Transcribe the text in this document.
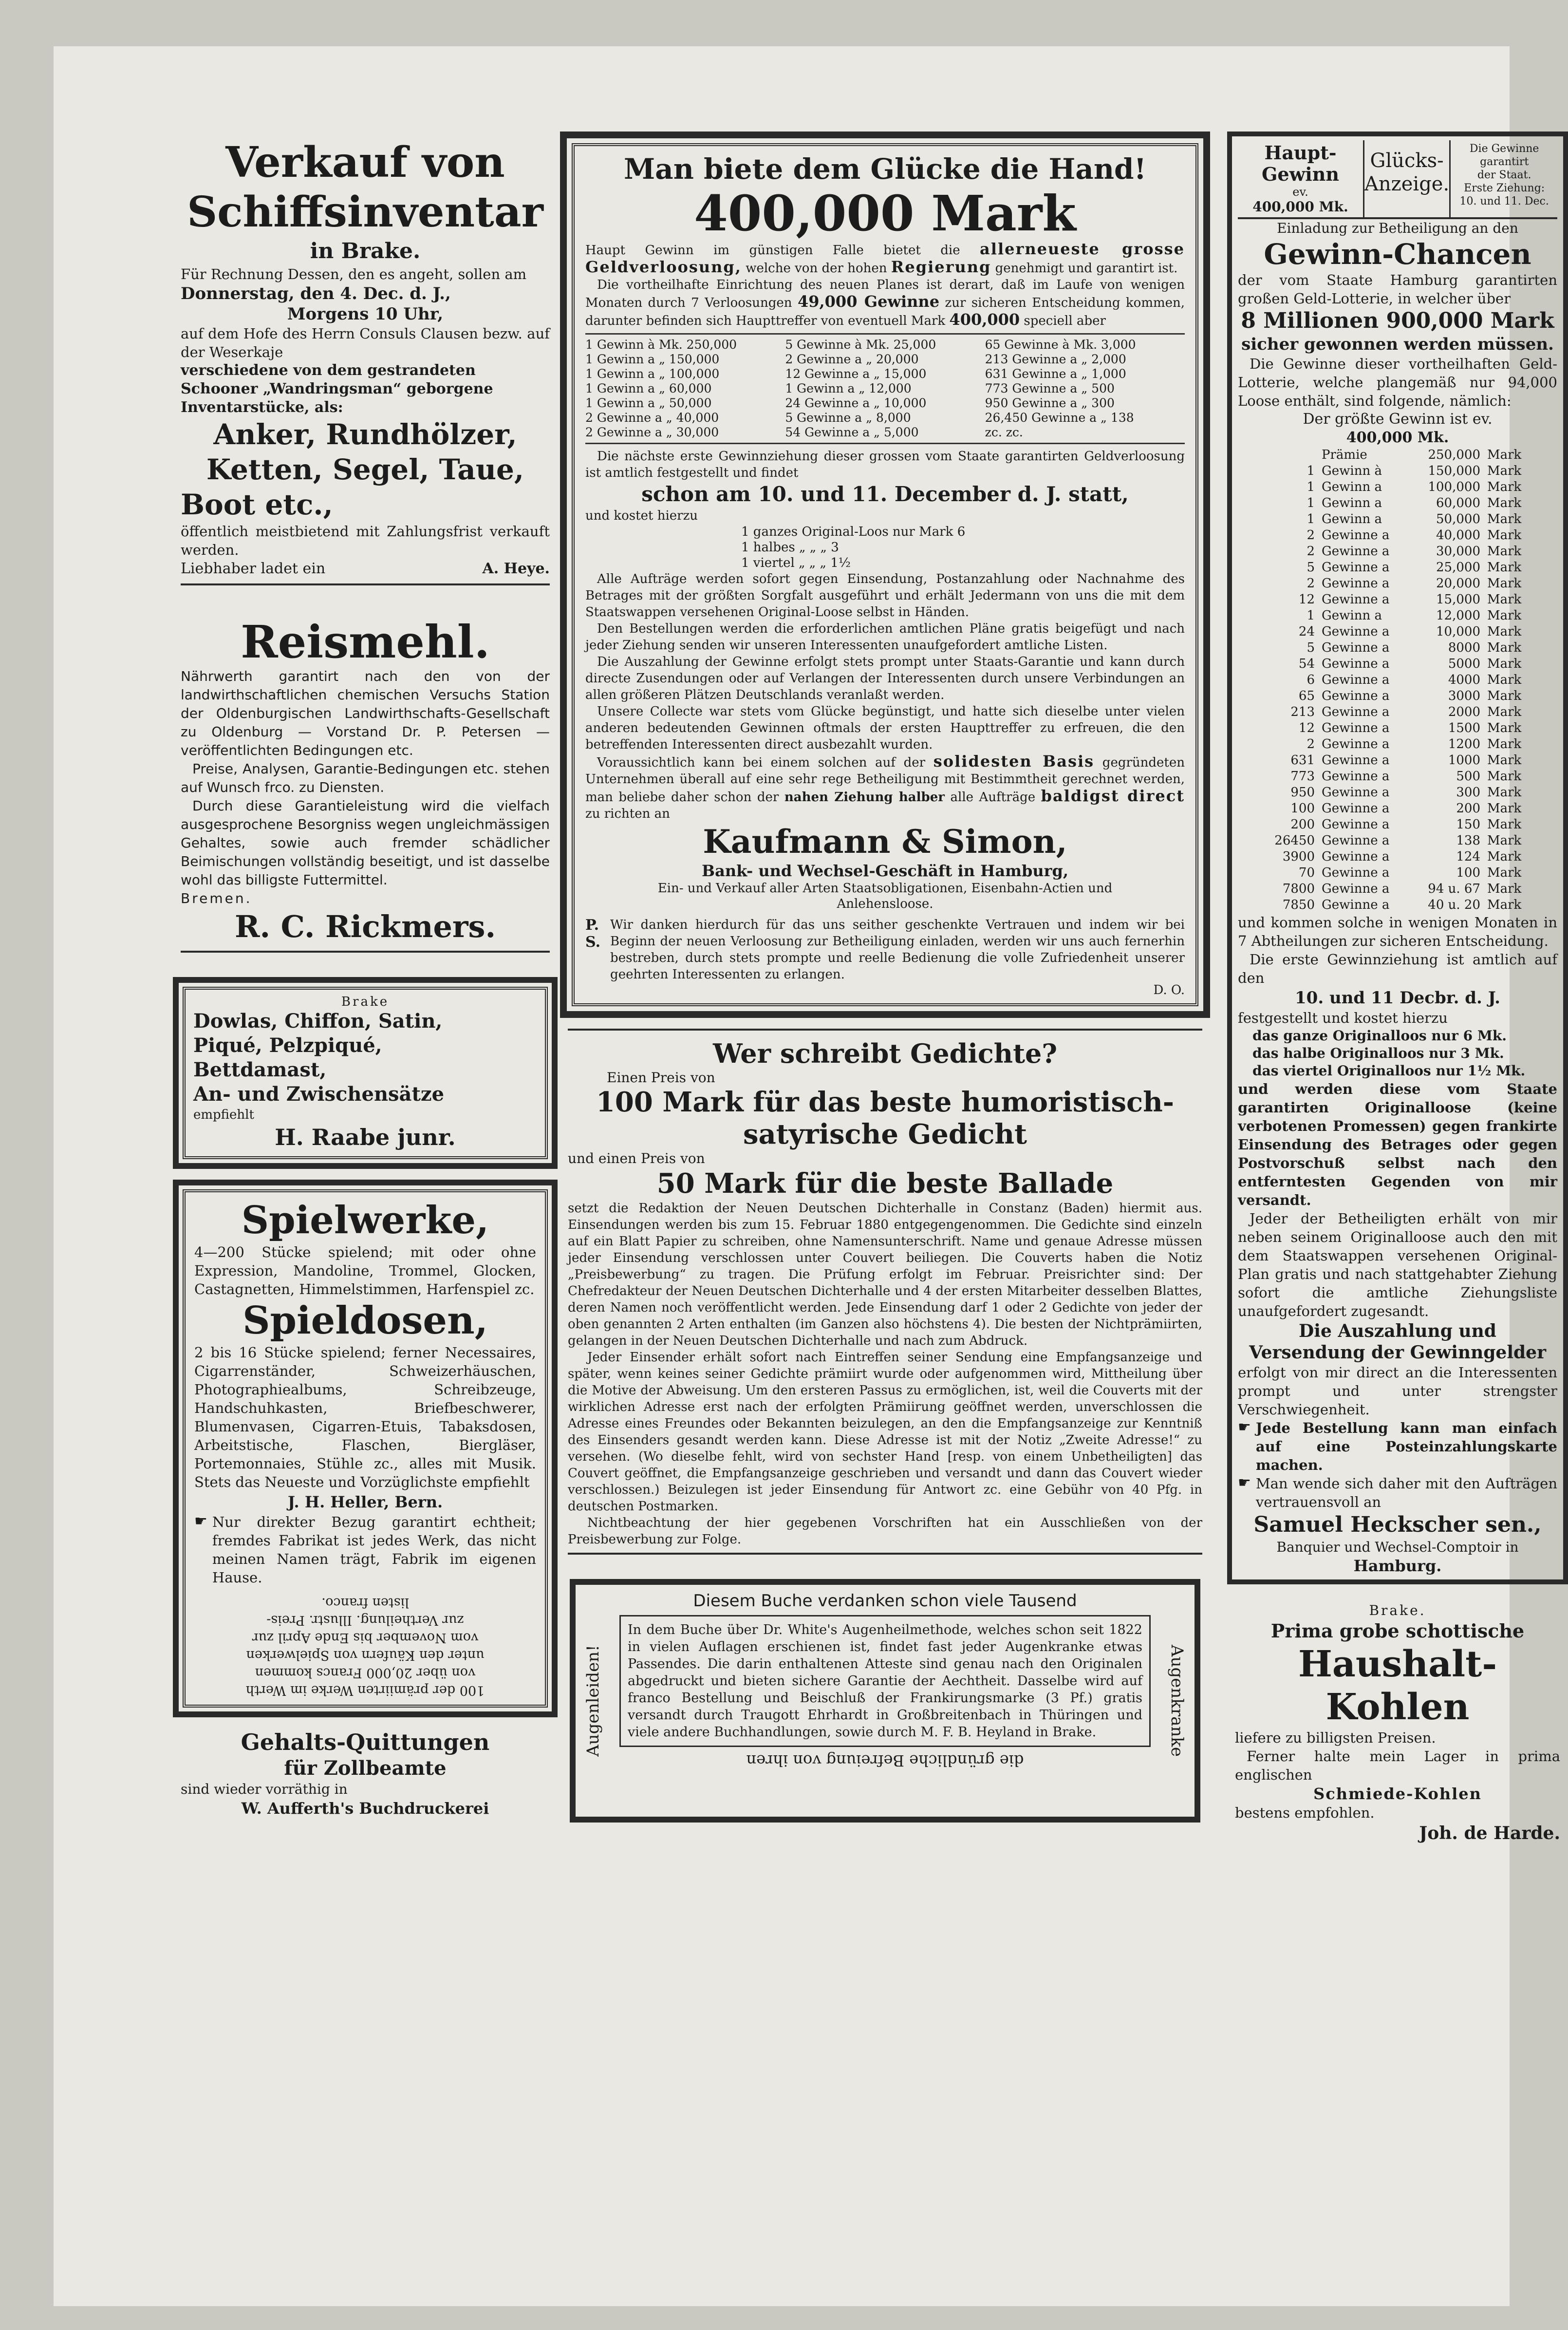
Verkauf von
Schiffsinventar
in Brake.
Für Rechnung Dessen, den es angeht, sollen am
Donnerstag, den 4. Dec. d. J.,
Morgens 10 Uhr,
auf dem Hofe des Herrn Consuls Clausen bezw. auf der Weserkaje
verschiedene von dem gestrandeten Schooner „Wandringsman“ geborgene Inventarstücke, als:
Anker, Rundhölzer,
Ketten, Segel, Taue,
Boot etc.,
öffentlich meistbietend mit Zahlungsfrist verkauft werden.
Liebhaber ladet ein	A. Heye.
Reismehl.
Nährwerth garantirt nach den von der landwirthschaftlichen chemischen Versuchs Station der Oldenburgischen Landwirthschafts-Gesellschaft zu Oldenburg — Vorstand Dr. P. Petersen — veröffentlichten Bedingungen etc.
Preise, Analysen, Garantie-Bedingungen etc. stehen auf Wunsch frco. zu Diensten.
Durch diese Garantieleistung wird die vielfach ausgesprochene Besorgniss wegen ungleichmässigen Gehaltes, sowie auch fremder schädlicher Beimischungen vollständig beseitigt, und ist dasselbe wohl das billigste Futtermittel.
Bremen.
R. C. Rickmers.
Brake
Dowlas, Chiffon, Satin,
Piqué, Pelzpiqué,
Bettdamast,
An- und Zwischensätze
empfiehlt
H. Raabe junr.
Spielwerke,
4—200 Stücke spielend; mit oder ohne Expression, Mandoline, Trommel, Glocken, Castagnetten, Himmelstimmen, Harfenspiel zc.
Spieldosen,
2 bis 16 Stücke spielend; ferner Necessaires, Cigarrenständer, Schweizerhäuschen, Photographiealbums, Schreibzeuge, Handschuhkasten, Briefbeschwerer, Blumenvasen, Cigarren-Etuis, Tabaksdosen, Arbeitstische, Flaschen, Biergläser, Portemonnaies, Stühle zc., alles mit Musik. Stets das Neueste und Vorzüglichste empfiehlt
J. H. Heller, Bern.
☛ Nur direkter Bezug garantirt echtheit; fremdes Fabrikat ist jedes Werk, das nicht meinen Namen trägt, Fabrik im eigenen Hause.
100 der prämiirten Werke im Werth
von über 20,000 Francs kommen
unter den Käufern von Spielwerken
vom November bis Ende April zur
zur Vertheilung. Illustr. Preis-
listen franco.
Gehalts-Quittungen
für Zollbeamte
sind wieder vorräthig in
W. Aufferth's Buchdruckerei
Man biete dem Glücke die Hand!
400,000 Mark
Haupt Gewinn im günstigen Falle bietet die allerneueste grosse Geldverloosung, welche von der hohen Regierung genehmigt und garantirt ist.
Die vortheilhafte Einrichtung des neuen Planes ist derart, daß im Laufe von wenigen Monaten durch 7 Verloosungen 49,000 Gewinne zur sicheren Entscheidung kommen, darunter befinden sich Haupttreffer von eventuell Mark 400,000 speciell aber
1 Gewinn à Mk. 250,000	5 Gewinne à Mk. 25,000	65 Gewinne à Mk. 3,000
1 Gewinn a „ 150,000	2 Gewinne a „ 20,000	213 Gewinne a „ 2,000
1 Gewinn a „ 100,000	12 Gewinne a „ 15,000	631 Gewinne a „ 1,000
1 Gewinn a „ 60,000	1 Gewinn a „ 12,000	773 Gewinne a „ 500
1 Gewinn a „ 50,000	24 Gewinne a „ 10,000	950 Gewinne a „ 300
2 Gewinne a „ 40,000	5 Gewinne a „ 8,000	26,450 Gewinne a „ 138
2 Gewinne a „ 30,000	54 Gewinne a „ 5,000	zc. zc.
Die nächste erste Gewinnziehung dieser grossen vom Staate garantirten Geldverloosung ist amtlich festgestellt und findet
schon am 10. und 11. December d. J. statt,
und kostet hierzu
1 ganzes Original-Loos nur Mark 6
1 halbes „ „ „ 3
1 viertel „ „ „ 1½
Alle Aufträge werden sofort gegen Einsendung, Postanzahlung oder Nachnahme des Betrages mit der größten Sorgfalt ausgeführt und erhält Jedermann von uns die mit dem Staatswappen versehenen Original-Loose selbst in Händen.
Den Bestellungen werden die erforderlichen amtlichen Pläne gratis beigefügt und nach jeder Ziehung senden wir unseren Interessenten unaufgefordert amtliche Listen.
Die Auszahlung der Gewinne erfolgt stets prompt unter Staats-Garantie und kann durch directe Zusendungen oder auf Verlangen der Interessenten durch unsere Verbindungen an allen größeren Plätzen Deutschlands veranlaßt werden.
Unsere Collecte war stets vom Glücke begünstigt, und hatte sich dieselbe unter vielen anderen bedeutenden Gewinnen oftmals der ersten Haupttreffer zu erfreuen, die den betreffenden Interessenten direct ausbezahlt wurden.
Voraussichtlich kann bei einem solchen auf der solidesten Basis gegründeten Unternehmen überall auf eine sehr rege Betheiligung mit Bestimmtheit gerechnet werden, man beliebe daher schon der nahen Ziehung halber alle Aufträge baldigst direct zu richten an
Kaufmann & Simon,
Bank- und Wechsel-Geschäft in Hamburg,
Ein- und Verkauf aller Arten Staatsobligationen, Eisenbahn-Actien und Anlehensloose.
P. S.
Wir danken hierdurch für das uns seither geschenkte Vertrauen und indem wir bei Beginn der neuen Verloosung zur Betheiligung einladen, werden wir uns auch fernerhin bestreben, durch stets prompte und reelle Bedienung die volle Zufriedenheit unserer geehrten Interessenten zu erlangen.
D. O.
Wer schreibt Gedichte?
Einen Preis von
100 Mark für das beste humoristisch-satyrische Gedicht
und einen Preis von
50 Mark für die beste Ballade
setzt die Redaktion der Neuen Deutschen Dichterhalle in Constanz (Baden) hiermit aus. Einsendungen werden bis zum 15. Februar 1880 entgegengenommen. Die Gedichte sind einzeln auf ein Blatt Papier zu schreiben, ohne Namensunterschrift. Name und genaue Adresse müssen jeder Einsendung verschlossen unter Couvert beiliegen. Die Couverts haben die Notiz „Preisbewerbung“ zu tragen. Die Prüfung erfolgt im Februar. Preisrichter sind: Der Chefredakteur der Neuen Deutschen Dichterhalle und 4 der ersten Mitarbeiter desselben Blattes, deren Namen noch veröffentlicht werden. Jede Einsendung darf 1 oder 2 Gedichte von jeder der oben genannten 2 Arten enthalten (im Ganzen also höchstens 4). Die besten der Nichtprämiirten, gelangen in der Neuen Deutschen Dichterhalle und nach zum Abdruck.
Jeder Einsender erhält sofort nach Eintreffen seiner Sendung eine Empfangsanzeige und später, wenn keines seiner Gedichte prämiirt wurde oder aufgenommen wird, Mittheilung über die Motive der Abweisung. Um den ersteren Passus zu ermöglichen, ist, weil die Couverts mit der wirklichen Adresse erst nach der erfolgten Prämiirung geöffnet werden, unverschlossen die Adresse eines Freundes oder Bekannten beizulegen, an den die Empfangsanzeige zur Kenntniß des Einsenders gesandt werden kann. Diese Adresse ist mit der Notiz „Zweite Adresse!“ zu versehen. (Wo dieselbe fehlt, wird von sechster Hand [resp. von einem Unbetheiligten] das Couvert geöffnet, die Empfangsanzeige geschrieben und versandt und dann das Couvert wieder verschlossen.) Beizulegen ist jeder Einsendung für Antwort zc. eine Gebühr von 40 Pfg. in deutschen Postmarken.
Nichtbeachtung der hier gegebenen Vorschriften hat ein Ausschließen von der Preisbewerbung zur Folge.
Diesem Buche verdanken schon viele Tausend
Augenleiden!	Augenkranke
In dem Buche über Dr. White's Augenheilmethode, welches schon seit 1822 in vielen Auflagen erschienen ist, findet fast jeder Augenkranke etwas Passendes. Die darin enthaltenen Atteste sind genau nach den Originalen abgedruckt und bieten sichere Garantie der Aechtheit. Dasselbe wird auf franco Bestellung und Beischluß der Frankirungsmarke (3 Pf.) gratis versandt durch Traugott Ehrhardt in Großbreitenbach in Thüringen und viele andere Buchhandlungen, sowie durch M. F. B. Heyland in Brake.
die gründliche Befreiung von ihren
Haupt-
Gewinn
ev.
400,000 Mk.
Glücks-
Anzeige.
Die Gewinne
garantirt
der Staat.
Erste Ziehung:
10. und 11. Dec.
Einladung zur Betheiligung an den
Gewinn-Chancen
der vom Staate Hamburg garantirten großen Geld-Lotterie, in welcher über
8 Millionen 900,000 Mark
sicher gewonnen werden müssen.
Die Gewinne dieser vortheilhaften Geld-Lotterie, welche plangemäß nur 94,000 Loose enthält, sind folgende, nämlich:
Der größte Gewinn ist ev.
400,000 Mk.
Prämie	250,000 Mark
1 Gewinn à	150,000 Mark
1 Gewinn a	100,000 Mark
1 Gewinn a	60,000 Mark
1 Gewinn a	50,000 Mark
2 Gewinne a	40,000 Mark
2 Gewinne a	30,000 Mark
5 Gewinne a	25,000 Mark
2 Gewinne a	20,000 Mark
12 Gewinne a	15,000 Mark
1 Gewinn a	12,000 Mark
24 Gewinne a	10,000 Mark
5 Gewinne a	8000 Mark
54 Gewinne a	5000 Mark
6 Gewinne a	4000 Mark
65 Gewinne a	3000 Mark
213 Gewinne a	2000 Mark
12 Gewinne a	1500 Mark
2 Gewinne a	1200 Mark
631 Gewinne a	1000 Mark
773 Gewinne a	500 Mark
950 Gewinne a	300 Mark
100 Gewinne a	200 Mark
200 Gewinne a	150 Mark
26450 Gewinne a	138 Mark
3900 Gewinne a	124 Mark
70 Gewinne a	100 Mark
7800 Gewinne a	94 u. 67 Mark
7850 Gewinne a	40 u. 20 Mark
und kommen solche in wenigen Monaten in 7 Abtheilungen zur sicheren Entscheidung.
Die erste Gewinnziehung ist amtlich auf den
10. und 11 Decbr. d. J.
festgestellt und kostet hierzu
das ganze Originalloos nur 6 Mk.
das halbe Originalloos nur 3 Mk.
das viertel Originalloos nur 1½ Mk.
und werden diese vom Staate garantirten Originalloose (keine verbotenen Promessen) gegen frankirte Einsendung des Betrages oder gegen Postvorschuß selbst nach den entferntesten Gegenden von mir versandt.
Jeder der Betheiligten erhält von mir neben seinem Originalloose auch den mit dem Staatswappen versehenen Original-Plan gratis und nach stattgehabter Ziehung sofort die amtliche Ziehungsliste unaufgefordert zugesandt.
Die Auszahlung und Versendung der Gewinngelder
erfolgt von mir direct an die Interessenten prompt und unter strengster Verschwiegenheit.
☛ Jede Bestellung kann man einfach auf eine Posteinzahlungskarte machen.
☛ Man wende sich daher mit den Aufträgen vertrauensvoll an
Samuel Heckscher sen.,
Banquier und Wechsel-Comptoir in
Hamburg.
Brake.
Prima grobe schottische
Haushalt-Kohlen
liefere zu billigsten Preisen.
Ferner halte mein Lager in prima englischen
Schmiede-Kohlen
bestens empfohlen.
Joh. de Harde.
